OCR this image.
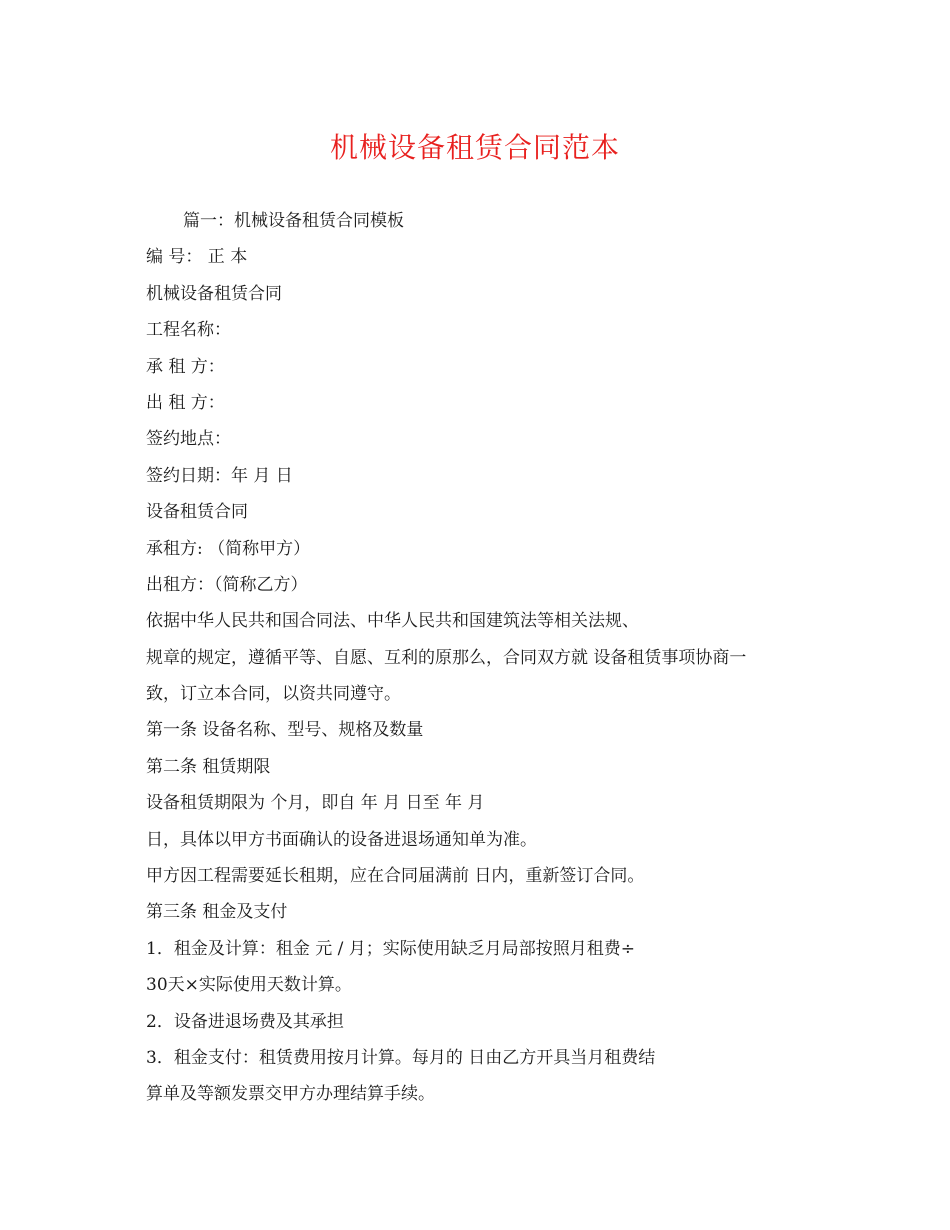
机械设备租赁合同范本
篇一：机械设备租赁合同模板
编 号： 正 本
机械设备租赁合同
工程名称：
承 租 方：
出 租 方：
签约地点：
签约日期：年 月 日
设备租赁合同
承租方: （简称甲方）
出租方：（简称乙方）
依据中华人民共和国合同法、中华人民共和国建筑法等相关法规、
规章的规定，遵循平等、自愿、互利的原那么，合同双方就 设备租赁事项协商一
致，订立本合同，以资共同遵守。
第一条 设备名称、型号、规格及数量
第二条 租赁期限
设备租赁期限为 个月，即自 年 月 日至 年 月
日，具体以甲方书面确认的设备进退场通知单为准。
甲方因工程需要延长租期，应在合同届满前 日内，重新签订合同。
第三条 租金及支付
1．租金及计算：租金 元 / 月；实际使用缺乏月局部按照月租费÷
30天×实际使用天数计算。
2．设备进退场费及其承担
3．租金支付：租赁费用按月计算。每月的 日由乙方开具当月租费结
算单及等额发票交甲方办理结算手续。
